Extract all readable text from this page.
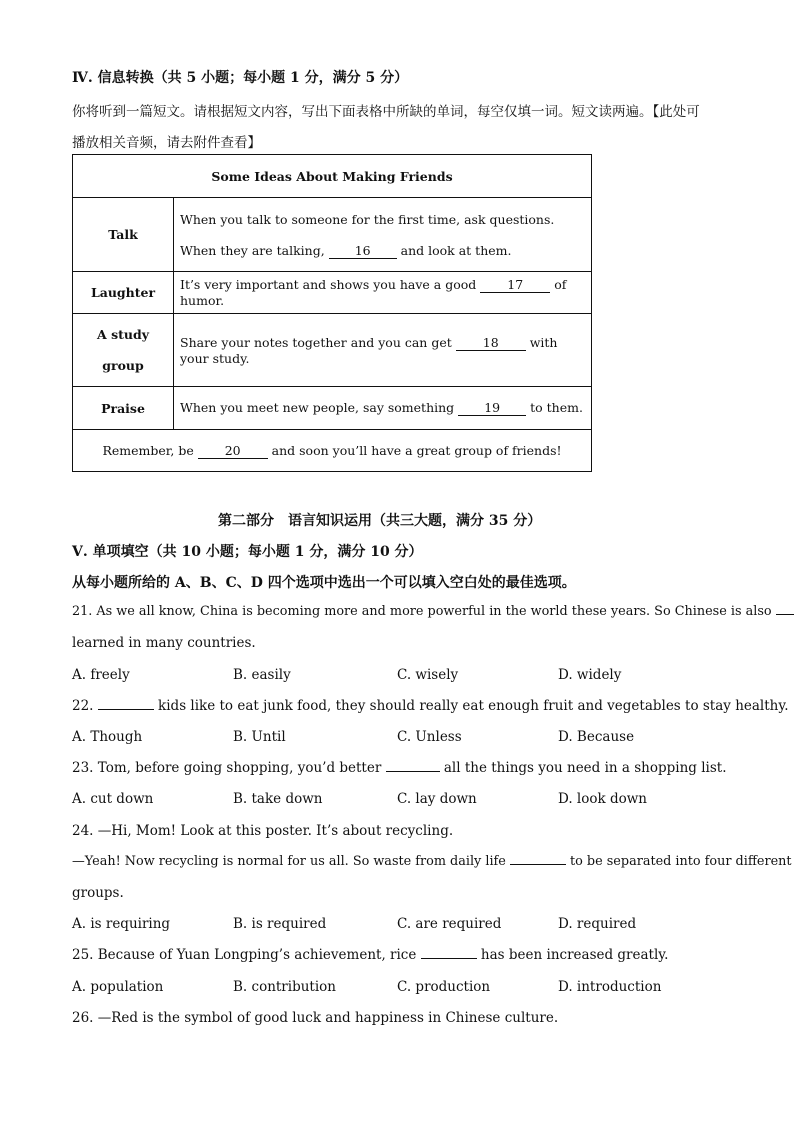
Ⅳ. 信息转换（共 5 小题；每小题 1 分，满分 5 分）
你将听到一篇短文。请根据短文内容，写出下面表格中所缺的单词，每空仅填一词。短文读两遍。【此处可
播放相关音频，请去附件查看】
Some Ideas About Making Friends	
Talk	When you talk to someone for the first time, ask questions.
When they are talking, 16 and look at them.

Laughter	It’s very important and shows you have a good 17 of humor.

A study
group	Share your notes together and you can get 18 with your study.
Praise	When you meet new people, say something 19 to them.
Remember, be 20 and soon you’ll have a great group of friends!	
第二部分　语言知识运用（共三大题，满分 35 分）
Ⅴ. 单项填空（共 10 小题；每小题 1 分，满分 10 分）
从每小题所给的 A、B、C、D 四个选项中选出一个可以填入空白处的最佳选项。
21. As we all know, China is becoming more and more powerful in the world these years. So Chinese is also
learned in many countries.
A. freely	B. easily	C. wisely	D. widely
22.	kids like to eat junk food, they should really eat enough fruit and vegetables to stay healthy.
A. Though	B. Until	C. Unless	D. Because
23. Tom, before going shopping, you’d better	all the things you need in a shopping list.
A. cut down	B. take down	C. lay down	D. look down
24. —Hi, Mom! Look at this poster. It’s about recycling.
—Yeah! Now recycling is normal for us all. So waste from daily life	to be separated into four different
groups.
A. is requiring	B. is required	C. are required	D. required
25. Because of Yuan Longping’s achievement, rice	has been increased greatly.
A. population	B. contribution	C. production	D. introduction
26. —Red is the symbol of good luck and happiness in Chinese culture.
